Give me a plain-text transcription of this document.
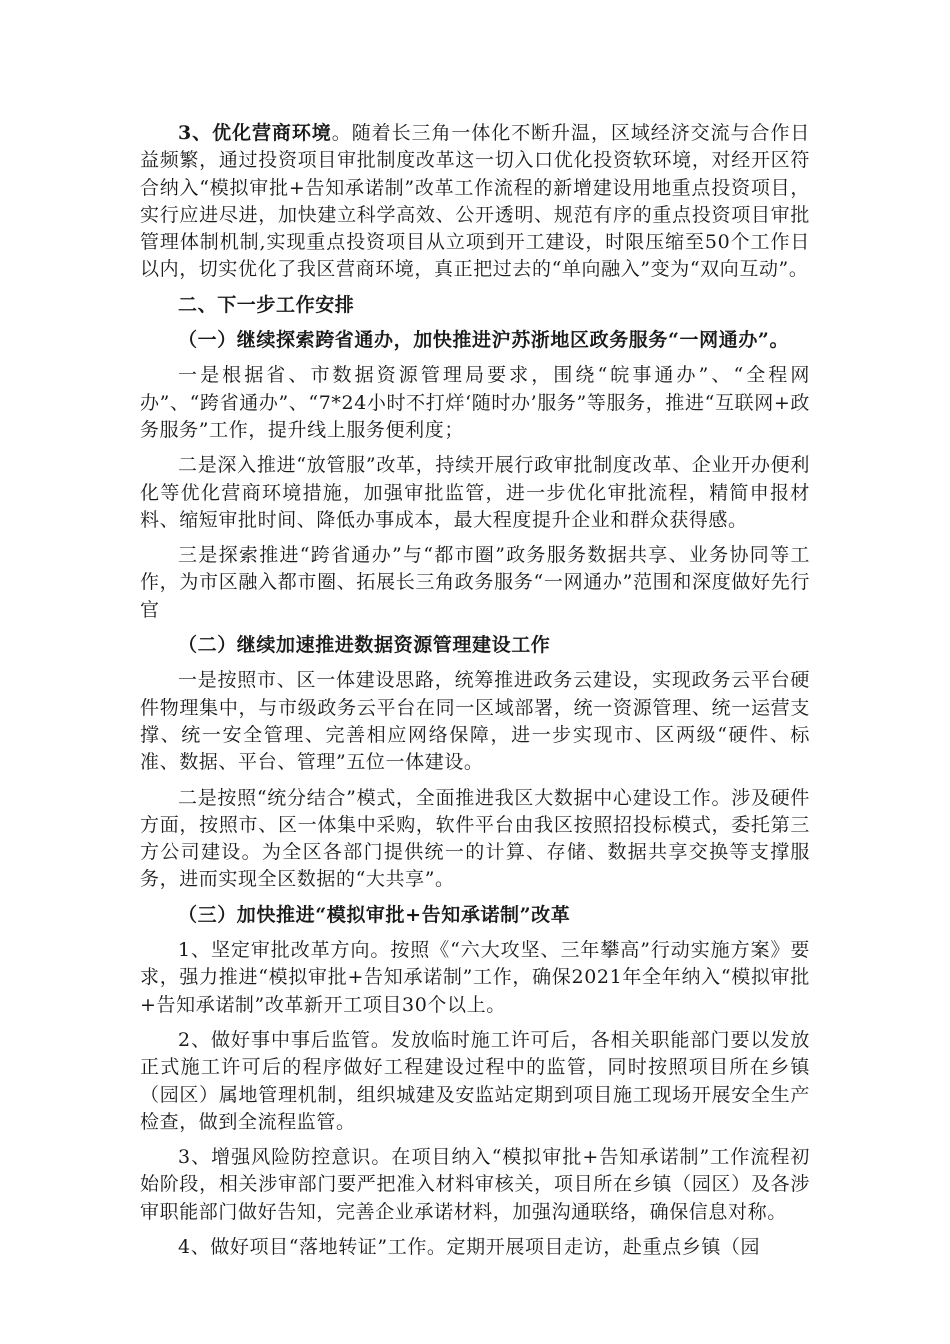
3、优化营商环境。随着长三角一体化不断升温，区域经济交流与合作日益频繁，通过投资项目审批制度改革这一切入口优化投资软环境，对经开区符合纳入“模拟审批+告知承诺制”改革工作流程的新增建设用地重点投资项目，实行应进尽进，加快建立科学高效、公开透明、规范有序的重点投资项目审批管理体制机制,实现重点投资项目从立项到开工建设，时限压缩至50个工作日以内，切实优化了我区营商环境，真正把过去的“单向融入”变为“双向互动”。

二、下一步工作安排

（一）继续探索跨省通办，加快推进沪苏浙地区政务服务“一网通办”。

一是根据省、市数据资源管理局要求，围绕“皖事通办”、“全程网办”、“跨省通办”、“7*24小时不打烊‘随时办’服务”等服务，推进“互联网+政务服务”工作，提升线上服务便利度；

二是深入推进“放管服”改革，持续开展行政审批制度改革、企业开办便利化等优化营商环境措施，加强审批监管，进一步优化审批流程，精简申报材料、缩短审批时间、降低办事成本，最大程度提升企业和群众获得感。

三是探索推进“跨省通办”与“都市圈”政务服务数据共享、业务协同等工作，为市区融入都市圈、拓展长三角政务服务“一网通办”范围和深度做好先行官

（二）继续加速推进数据资源管理建设工作

一是按照市、区一体建设思路，统筹推进政务云建设，实现政务云平台硬件物理集中，与市级政务云平台在同一区域部署，统一资源管理、统一运营支撑、统一安全管理、完善相应网络保障，进一步实现市、区两级“硬件、标准、数据、平台、管理”五位一体建设。

二是按照“统分结合”模式，全面推进我区大数据中心建设工作。涉及硬件方面，按照市、区一体集中采购，软件平台由我区按照招投标模式，委托第三方公司建设。为全区各部门提供统一的计算、存储、数据共享交换等支撑服务，进而实现全区数据的“大共享”。

（三）加快推进“模拟审批+告知承诺制”改革

1、坚定审批改革方向。按照《“六大攻坚、三年攀高”行动实施方案》要求，强力推进“模拟审批+告知承诺制”工作，确保2021年全年纳入“模拟审批+告知承诺制”改革新开工项目30个以上。

2、做好事中事后监管。发放临时施工许可后，各相关职能部门要以发放正式施工许可后的程序做好工程建设过程中的监管，同时按照项目所在乡镇（园区）属地管理机制，组织城建及安监站定期到项目施工现场开展安全生产检查，做到全流程监管。

3、增强风险防控意识。在项目纳入“模拟审批+告知承诺制”工作流程初始阶段，相关涉审部门要严把准入材料审核关，项目所在乡镇（园区）及各涉审职能部门做好告知，完善企业承诺材料，加强沟通联络，确保信息对称。

4、做好项目“落地转证”工作。定期开展项目走访，赴重点乡镇（园
